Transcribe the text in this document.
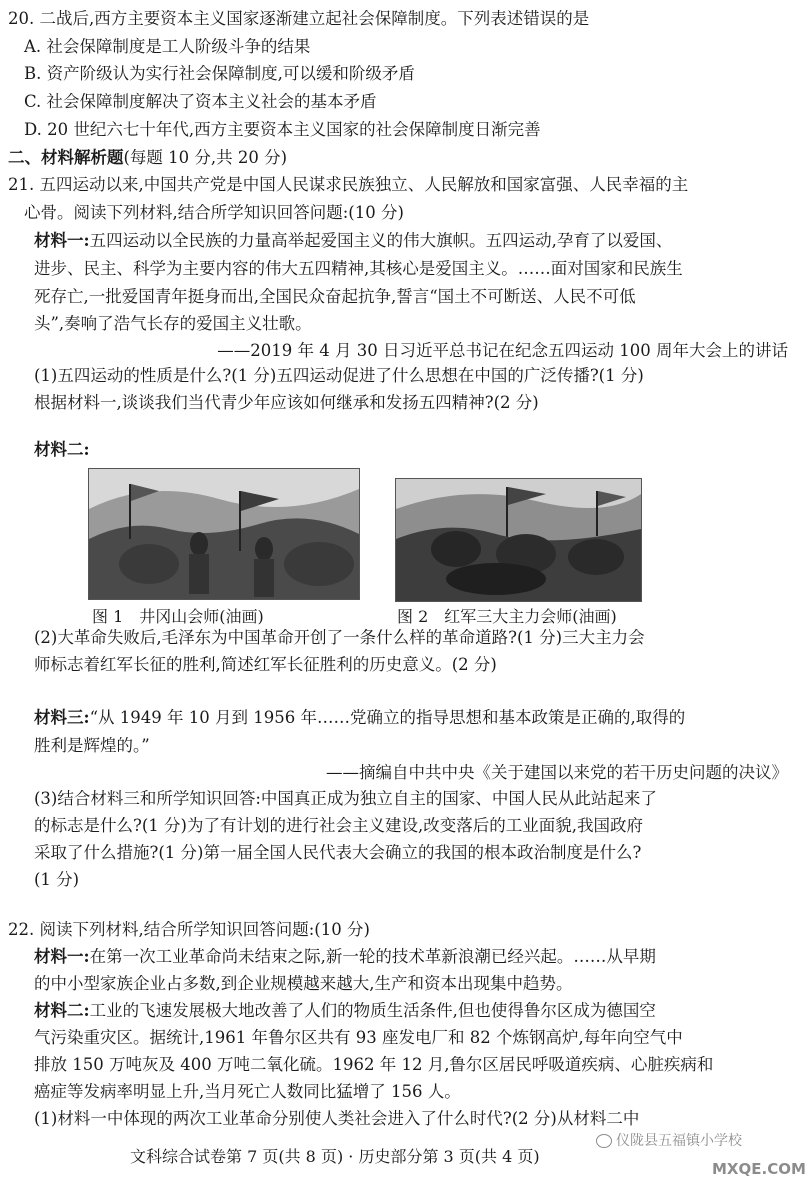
20. 二战后,西方主要资本主义国家逐渐建立起社会保障制度。下列表述错误的是
A. 社会保障制度是工人阶级斗争的结果
B. 资产阶级认为实行社会保障制度,可以缓和阶级矛盾
C. 社会保障制度解决了资本主义社会的基本矛盾
D. 20 世纪六七十年代,西方主要资本主义国家的社会保障制度日渐完善
二、材料解析题(每题 10 分,共 20 分)
21. 五四运动以来,中国共产党是中国人民谋求民族独立、人民解放和国家富强、人民幸福的主
心骨。阅读下列材料,结合所学知识回答问题:(10 分)
材料一:五四运动以全民族的力量高举起爱国主义的伟大旗帜。五四运动,孕育了以爱国、
进步、民主、科学为主要内容的伟大五四精神,其核心是爱国主义。……面对国家和民族生
死存亡,一批爱国青年挺身而出,全国民众奋起抗争,誓言“国土不可断送、人民不可低
头”,奏响了浩气长存的爱国主义壮歌。
——2019 年 4 月 30 日习近平总书记在纪念五四运动 100 周年大会上的讲话
(1)五四运动的性质是什么?(1 分)五四运动促进了什么思想在中国的广泛传播?(1 分)
根据材料一,谈谈我们当代青少年应该如何继承和发扬五四精神?(2 分)
材料二:
图 1　井冈山会师(油画)	图 2　红军三大主力会师(油画)
(2)大革命失败后,毛泽东为中国革命开创了一条什么样的革命道路?(1 分)三大主力会
师标志着红军长征的胜利,简述红军长征胜利的历史意义。(2 分)
材料三:“从 1949 年 10 月到 1956 年……党确立的指导思想和基本政策是正确的,取得的
胜利是辉煌的。”
——摘编自中共中央《关于建国以来党的若干历史问题的决议》
(3)结合材料三和所学知识回答:中国真正成为独立自主的国家、中国人民从此站起来了
的标志是什么?(1 分)为了有计划的进行社会主义建设,改变落后的工业面貌,我国政府
采取了什么措施?(1 分)第一届全国人民代表大会确立的我国的根本政治制度是什么?
(1 分)
22. 阅读下列材料,结合所学知识回答问题:(10 分)
材料一:在第一次工业革命尚未结束之际,新一轮的技术革新浪潮已经兴起。……从早期
的中小型家族企业占多数,到企业规模越来越大,生产和资本出现集中趋势。
材料二:工业的飞速发展极大地改善了人们的物质生活条件,但也使得鲁尔区成为德国空
气污染重灾区。据统计,1961 年鲁尔区共有 93 座发电厂和 82 个炼钢高炉,每年向空气中
排放 150 万吨灰及 400 万吨二氧化硫。1962 年 12 月,鲁尔区居民呼吸道疾病、心脏疾病和
癌症等发病率明显上升,当月死亡人数同比猛增了 156 人。
(1)材料一中体现的两次工业革命分别使人类社会进入了什么时代?(2 分)从材料二中
文科综合试卷第 7 页(共 8 页) · 历史部分第 3 页(共 4 页)
仪陇县五福镇小学校
MXQE.COM
